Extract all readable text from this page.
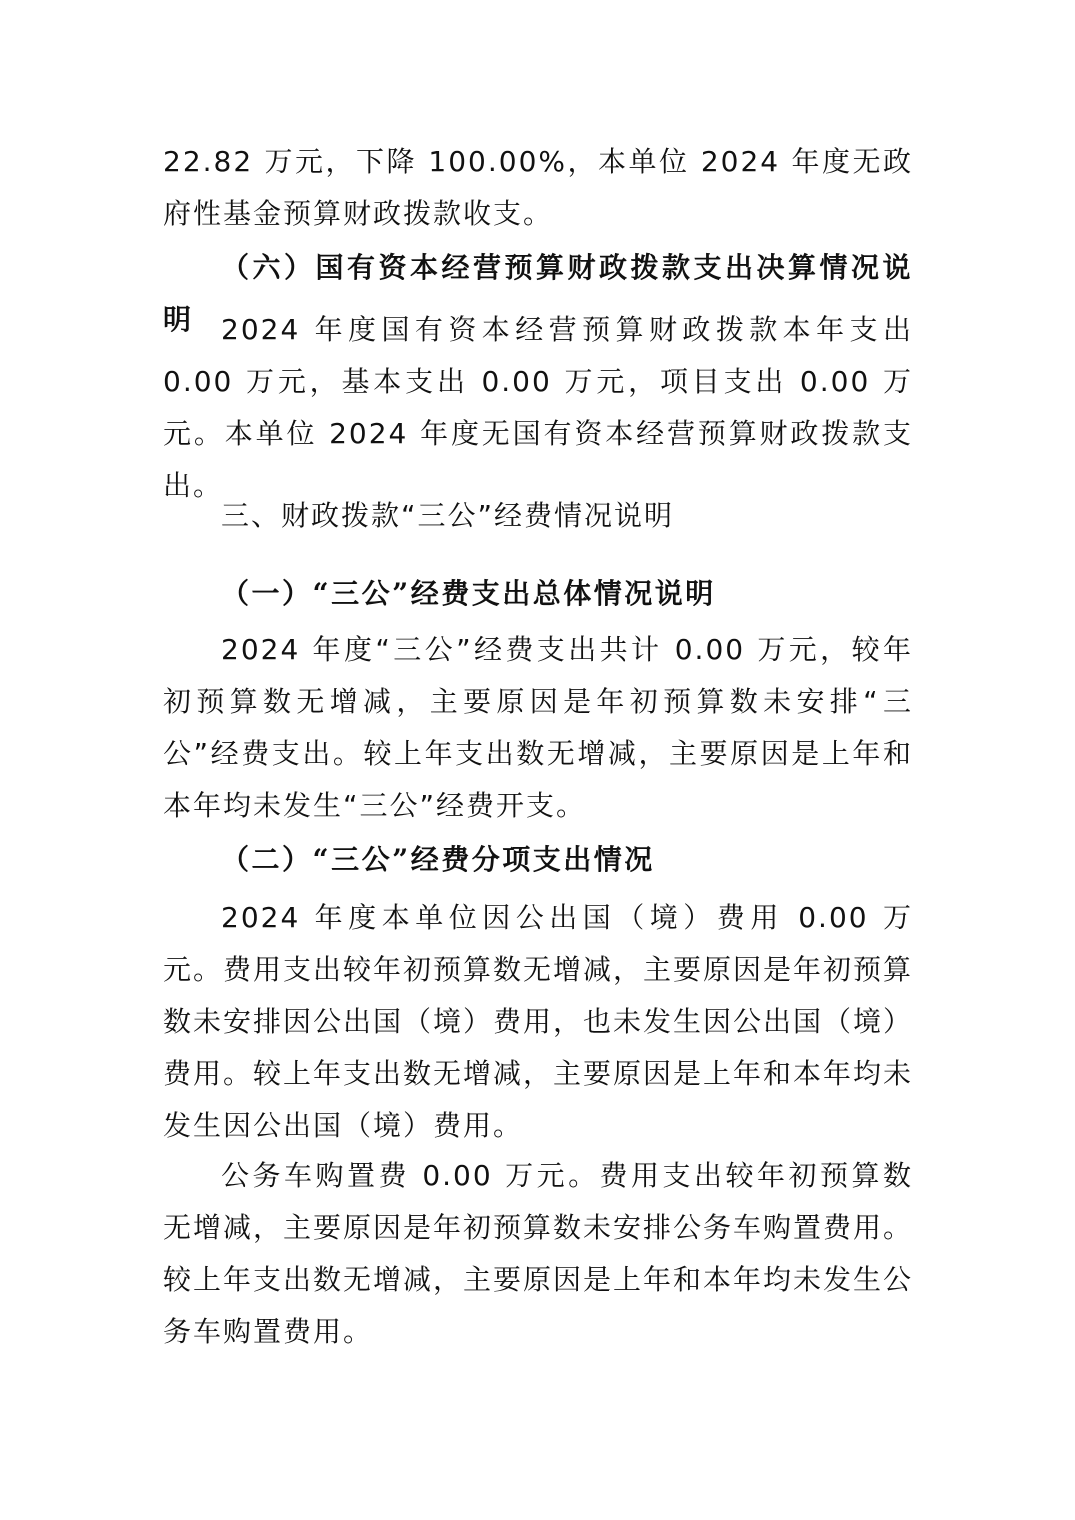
22.82 万元，下降 100.00%，本单位 2024 年度无政府性基金预算财政拨款收支。

（六）国有资本经营预算财政拨款支出决算情况说明 2024 年度国有资本经营预算财政拨款本年支出 0.00 万元，基本支出 0.00 万元，项目支出 0.00 万元。本单位 2024 年度无国有资本经营预算财政拨款支出。

三、财政拨款“三公”经费情况说明

（一）“三公”经费支出总体情况说明

2024 年度“三公”经费支出共计 0.00 万元，较年初预算数无增减，主要原因是年初预算数未安排“三公”经费支出。较上年支出数无增减，主要原因是上年和本年均未发生“三公”经费开支。

（二）“三公”经费分项支出情况

2024 年度本单位因公出国（境）费用 0.00 万元。费用支出较年初预算数无增减，主要原因是年初预算数未安排因公出国（境）费用，也未发生因公出国（境）费用。较上年支出数无增减，主要原因是上年和本年均未发生因公出国（境）费用。

公务车购置费 0.00 万元。费用支出较年初预算数无增减，主要原因是年初预算数未安排公务车购置费用。较上年支出数无增减，主要原因是上年和本年均未发生公务车购置费用。
